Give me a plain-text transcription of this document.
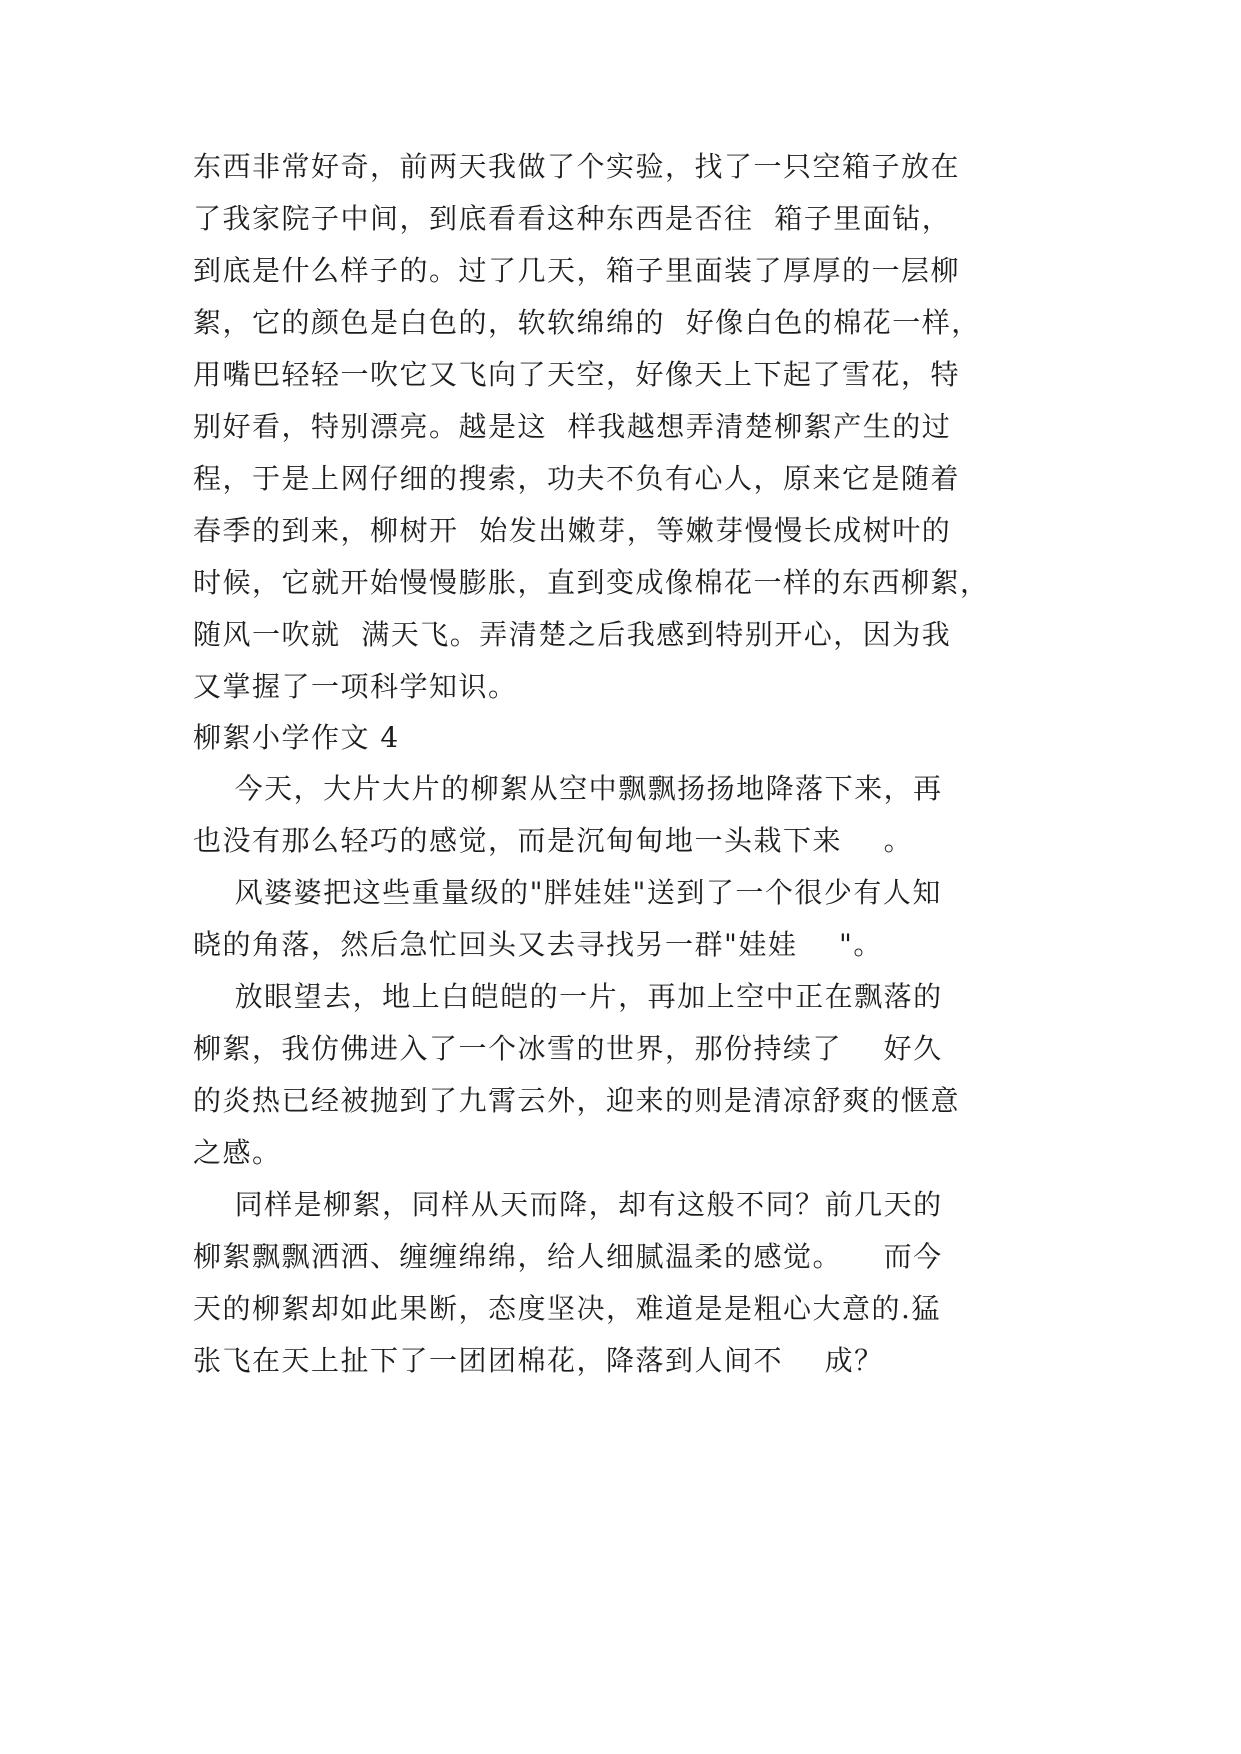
东西非常好奇，前两天我做了个实验，找了一只空箱子放在
了我家院子中间，到底看看这种东西是否往  箱子里面钻，
到底是什么样子的。过了几天，箱子里面装了厚厚的一层柳
絮，它的颜色是白色的，软软绵绵的  好像白色的棉花一样，
用嘴巴轻轻一吹它又飞向了天空，好像天上下起了雪花，特
别好看，特别漂亮。越是这  样我越想弄清楚柳絮产生的过
程，于是上网仔细的搜索，功夫不负有心人，原来它是随着
春季的到来，柳树开  始发出嫩芽，等嫩芽慢慢长成树叶的
时候，它就开始慢慢膨胀，直到变成像棉花一样的东西柳絮，
随风一吹就  满天飞。弄清楚之后我感到特别开心，因为我
又掌握了一项科学知识。
柳絮小学作文 4
今天，大片大片的柳絮从空中飘飘扬扬地降落下来，再
也没有那么轻巧的感觉，而是沉甸甸地一头栽下来    。
风婆婆把这些重量级的"胖娃娃"送到了一个很少有人知
晓的角落，然后急忙回头又去寻找另一群"娃娃    "。
放眼望去，地上白皑皑的一片，再加上空中正在飘落的
柳絮，我仿佛进入了一个冰雪的世界，那份持续了    好久
的炎热已经被抛到了九霄云外，迎来的则是清凉舒爽的惬意
之感。
同样是柳絮，同样从天而降，却有这般不同？前几天的
柳絮飘飘洒洒、缠缠绵绵，给人细腻温柔的感觉。    而今
天的柳絮却如此果断，态度坚决，难道是是粗心大意的.猛
张飞在天上扯下了一团团棉花，降落到人间不    成？
